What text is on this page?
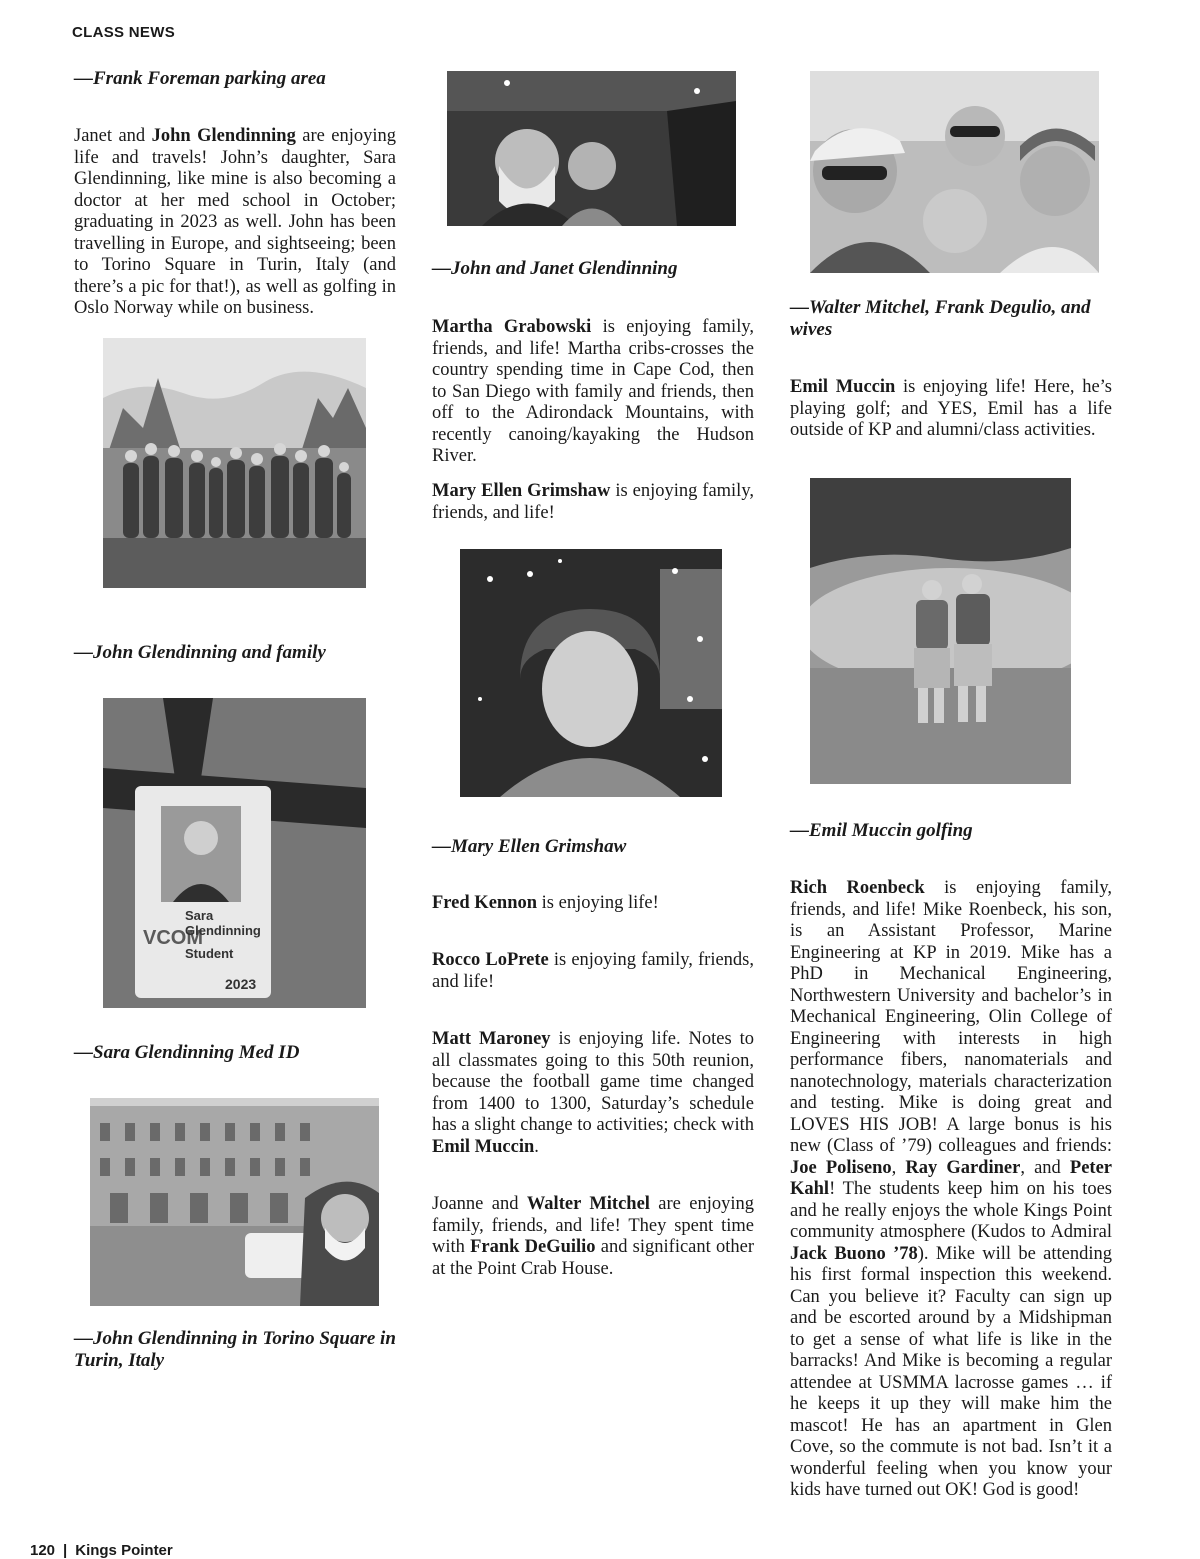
CLASS NEWS

—Frank Foreman parking area

Janet and John Glendinning are enjoying life and travels! John’s daughter, Sara Glendinning, like mine is also becoming a doctor at her med school in October; graduating in 2023 as well. John has been travelling in Europe, and sightseeing; been to Torino Square in Turin, Italy (and there’s a pic for that!), as well as golfing in Oslo Norway while on business.

—John Glendinning and family

VCOM
Sara Glendinning
Student
2023

—Sara Glendinning Med ID

—John Glendinning in Torino Square in Turin, Italy

—John and Janet Glendinning

Martha Grabowski is enjoying family, friends, and life! Martha cribs-crosses the country spending time in Cape Cod, then to San Diego with family and friends, then off to the Adirondack Mountains, with recently canoing/kayaking the Hudson River.

Mary Ellen Grimshaw is enjoying family, friends, and life!

—Mary Ellen Grimshaw

Fred Kennon is enjoying life!

Rocco LoPrete is enjoying family, friends, and life!

Matt Maroney is enjoying life. Notes to all classmates going to this 50th reunion, because the football game time changed from 1400 to 1300, Saturday’s schedule has a slight change to activities; check with Emil Muccin.

Joanne and Walter Mitchel are enjoying family, friends, and life! They spent time with Frank DeGuilio and significant other at the Point Crab House.

—Walter Mitchel, Frank Degulio, and wives

Emil Muccin is enjoying life! Here, he’s playing golf; and YES, Emil has a life outside of KP and alumni/class activities.

—Emil Muccin golfing

Rich Roenbeck is enjoying family, friends, and life! Mike Roenbeck, his son, is an Assistant Professor, Marine Engineering at KP in 2019. Mike has a PhD in Mechanical Engineering, Northwestern University and bachelor’s in Mechanical Engineering, Olin College of Engineering with interests in high performance fibers, nanomaterials and nanotechnology, materials characterization and testing. Mike is doing great and LOVES HIS JOB! A large bonus is his new (Class of ’79) colleagues and friends: Joe Poliseno, Ray Gardiner, and Peter Kahl! The students keep him on his toes and he really enjoys the whole Kings Point community atmosphere (Kudos to Admiral Jack Buono ’78). Mike will be attending his first formal inspection this weekend. Can you believe it? Faculty can sign up and be escorted around by a Midshipman to get a sense of what life is like in the barracks! And Mike is becoming a regular attendee at USMMA lacrosse games … if he keeps it up they will make him the mascot! He has an apartment in Glen Cove, so the commute is not bad. Isn’t it a wonderful feeling when you know your kids have turned out OK! God is good!

120 | Kings Pointer
